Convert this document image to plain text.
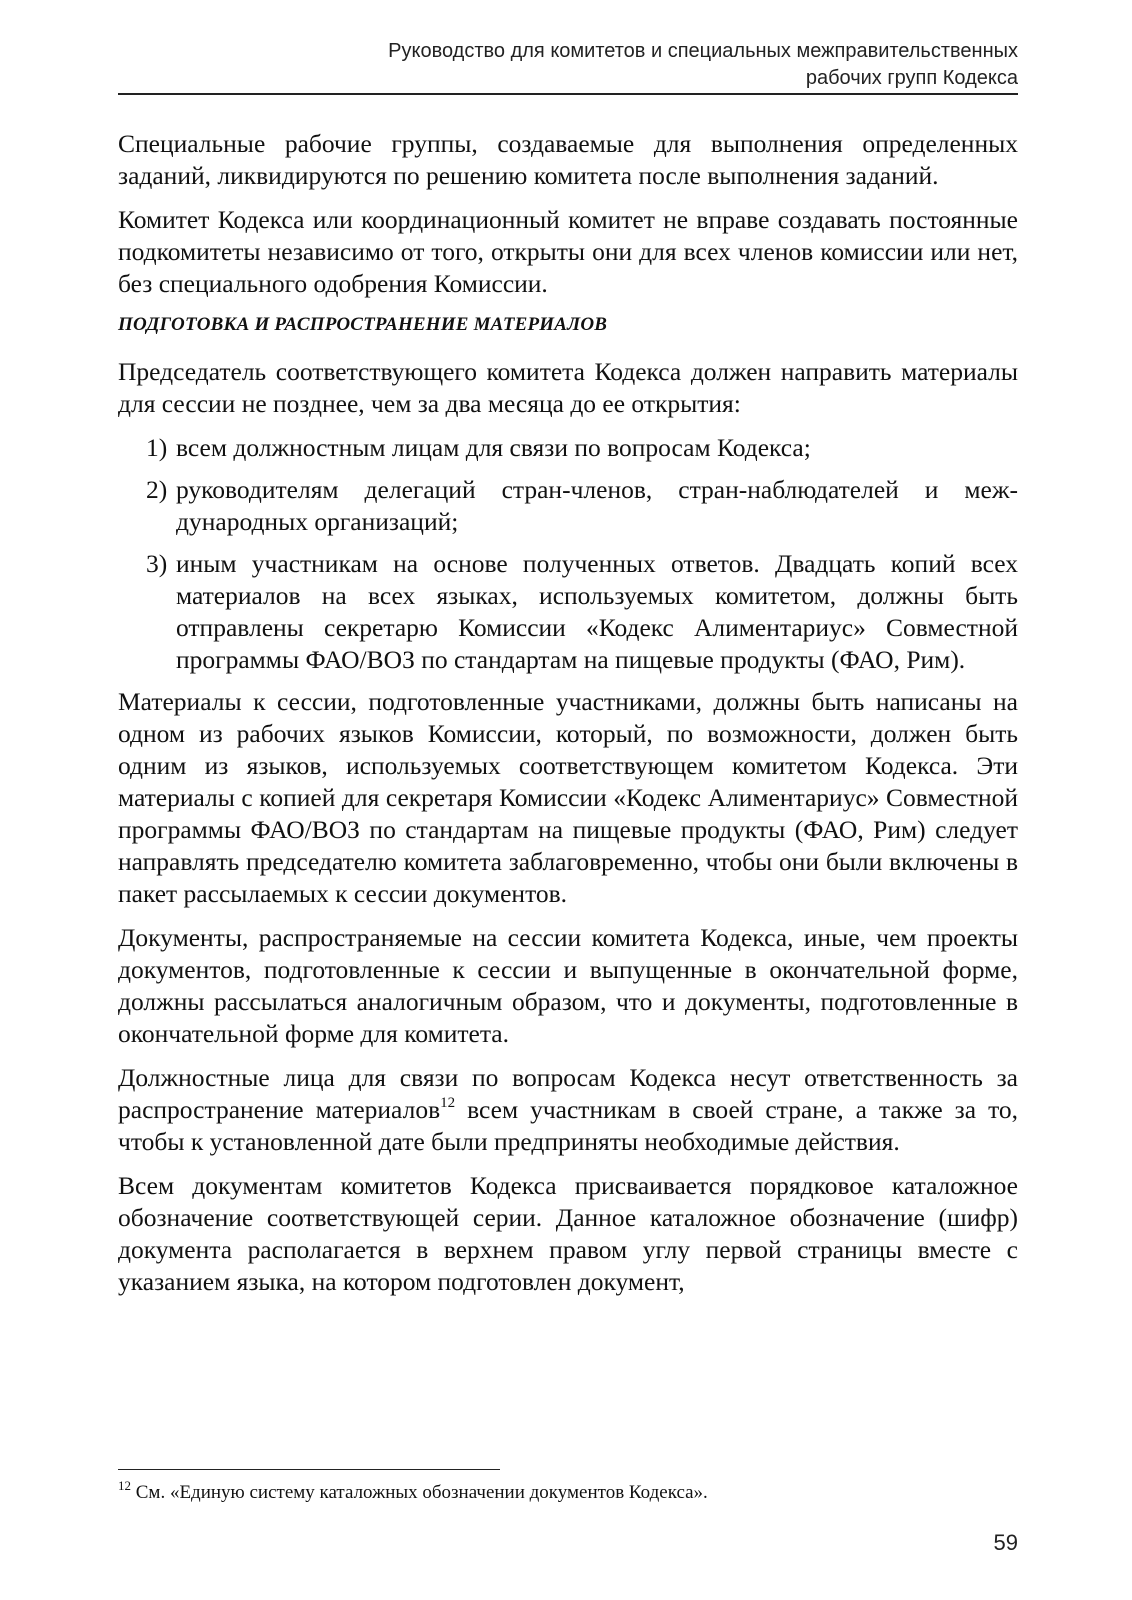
Руководство для комитетов и специальных межправительственных
рабочих групп Кодекса

Специальные рабочие группы, создаваемые для выполнения определенных заданий, ликвидируются по решению комитета после выполнения заданий.

Комитет Кодекса или координационный комитет не вправе создавать постоянные подкомитеты независимо от того, открыты они для всех членов комиссии или нет, без специального одобрения Комиссии.

ПОДГОТОВКА И РАСПРОСТРАНЕНИЕ МАТЕРИАЛОВ

Председатель соответствующего комитета Кодекса должен направить материалы для сессии не позднее, чем за два месяца до ее открытия:

1) всем должностным лицам для связи по вопросам Кодекса;
2) руководителям делегаций стран-членов, стран-наблюдателей и международных организаций;
3) иным участникам на основе полученных ответов. Двадцать копий всех материалов на всех языках, используемых комитетом, должны быть отправлены секретарю Комиссии «Кодекс Алиментариус» Совместной программы ФАО/ВОЗ по стандартам на пищевые продукты (ФАО, Рим).

Материалы к сессии, подготовленные участниками, должны быть написаны на одном из рабочих языков Комиссии, который, по возможности, должен быть одним из языков, используемых соответствующем комитетом Кодекса. Эти материалы с копией для секретаря Комиссии «Кодекс Алиментариус» Совместной программы ФАО/ВОЗ по стандартам на пищевые продукты (ФАО, Рим) следует направлять председателю комитета заблаговременно, чтобы они были включены в пакет рассылаемых к сессии документов.

Документы, распространяемые на сессии комитета Кодекса, иные, чем проекты документов, подготовленные к сессии и выпущенные в окончательной форме, должны рассылаться аналогичным образом, что и документы, подготовленные в окончательной форме для комитета.

Должностные лица для связи по вопросам Кодекса несут ответственность за распространение материалов$^{12}$ всем участникам в своей стране, а также за то, чтобы к установленной дате были предприняты необходимые действия.

Всем документам комитетов Кодекса присваивается порядковое каталожное обозначение соответствующей серии. Данное каталожное обозначение (шифр) документа располагается в верхнем правом углу первой страницы вместе с указанием языка, на котором подготовлен документ,

$^{12}$ См. «Единую систему каталожных обозначении документов Кодекса».
59
